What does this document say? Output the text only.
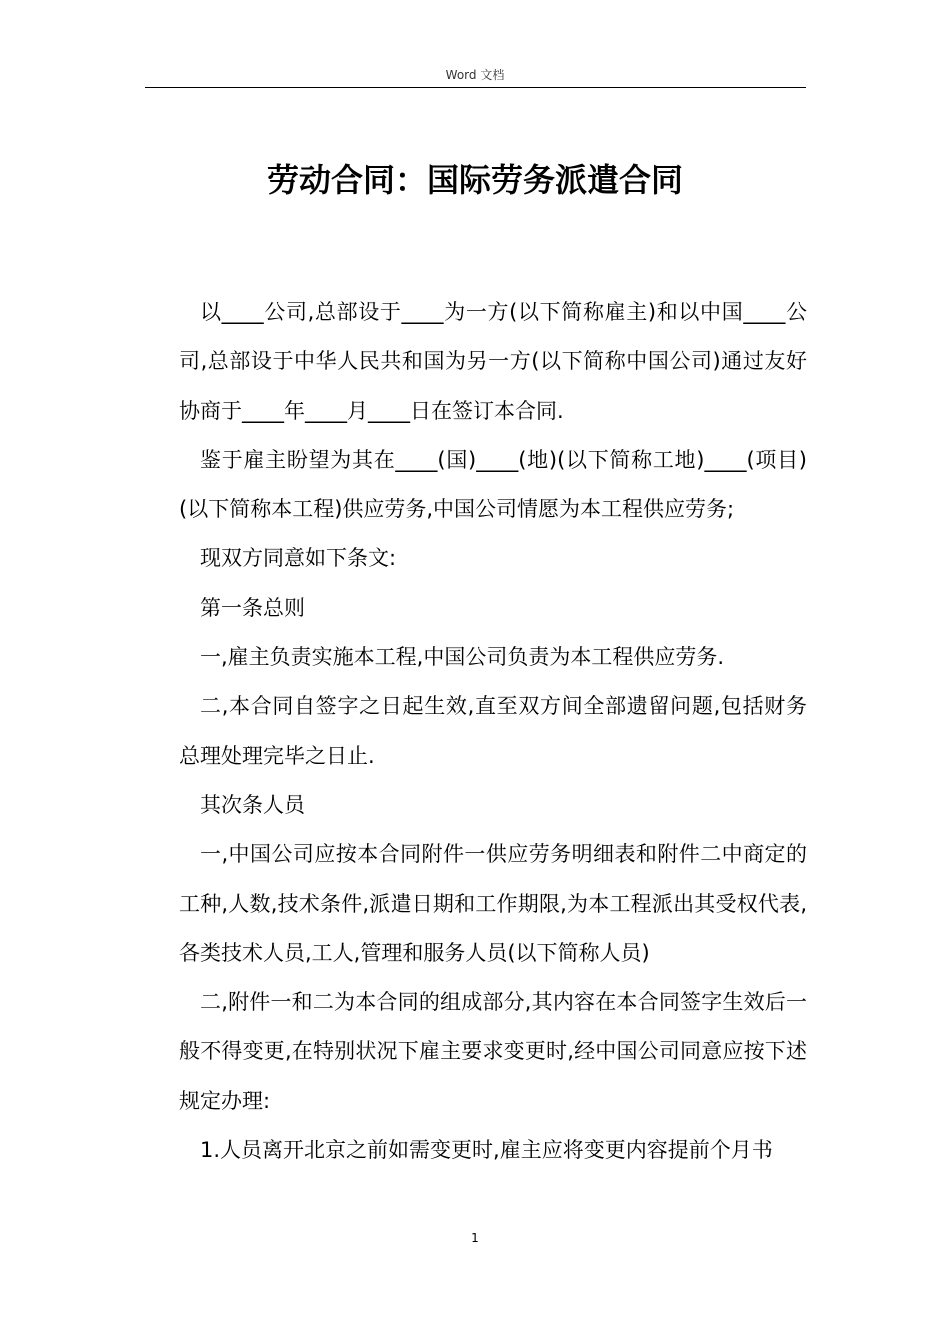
Word 文档
劳动合同：国际劳务派遣合同

以____公司,总部设于____为一方(以下简称雇主)和以中国____公司,总部设于中华人民共和国为另一方(以下简称中国公司)通过友好协商于____年____月____日在签订本合同.

鉴于雇主盼望为其在____(国)____(地)(以下简称工地)____(项目)(以下简称本工程)供应劳务,中国公司情愿为本工程供应劳务;

现双方同意如下条文:

第一条总则

一,雇主负责实施本工程,中国公司负责为本工程供应劳务.

二,本合同自签字之日起生效,直至双方间全部遗留问题,包括财务总理处理完毕之日止.

其次条人员

一,中国公司应按本合同附件一供应劳务明细表和附件二中商定的工种,人数,技术条件,派遣日期和工作期限,为本工程派出其受权代表,各类技术人员,工人,管理和服务人员(以下简称人员)

二,附件一和二为本合同的组成部分,其内容在本合同签字生效后一般不得变更,在特别状况下雇主要求变更时,经中国公司同意应按下述规定办理:

1.人员离开北京之前如需变更时,雇主应将变更内容提前个月书

1
